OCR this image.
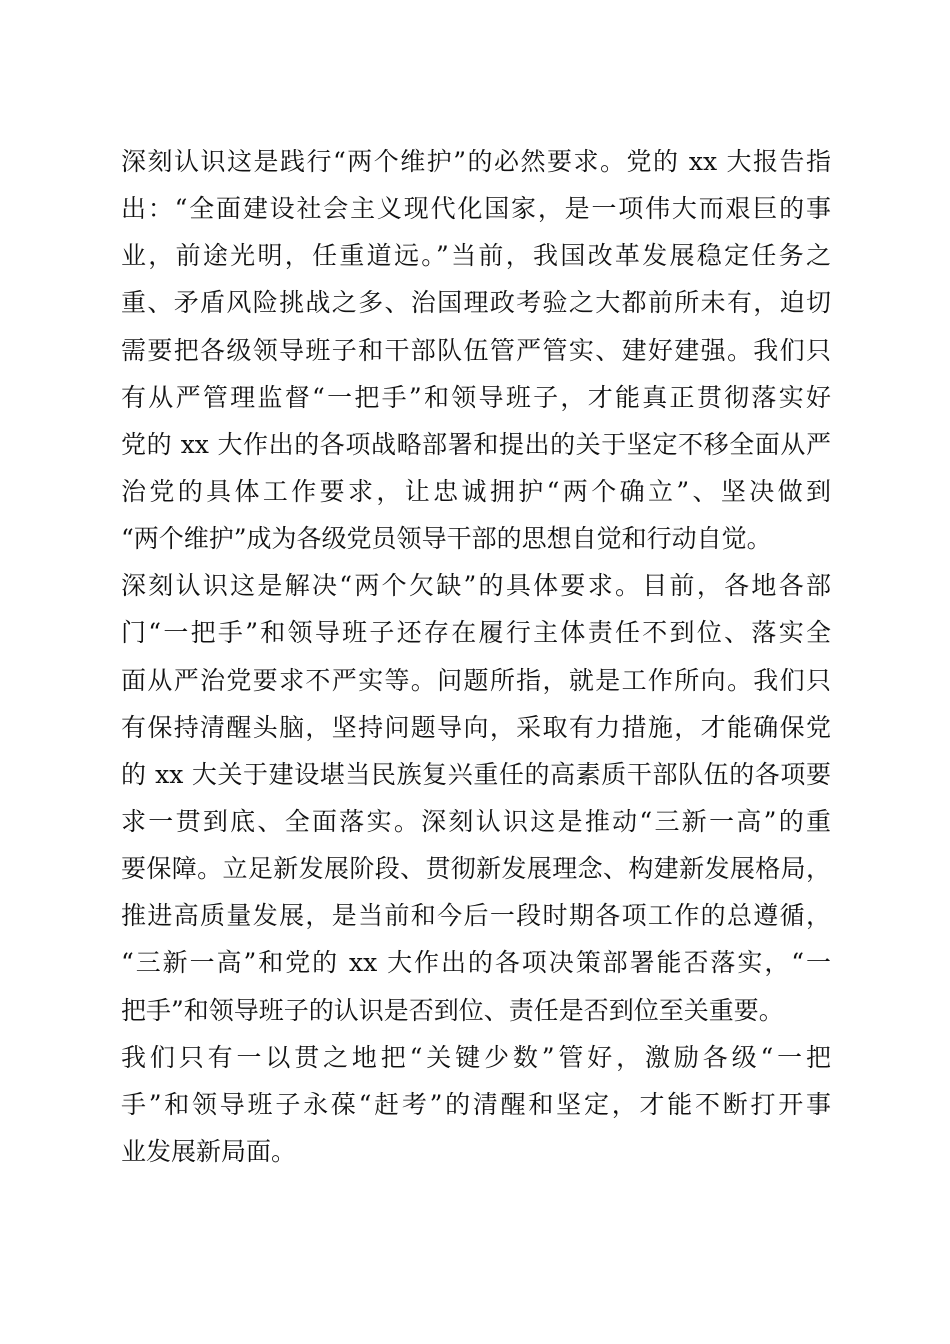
深刻认识这是践行“两个维护”的必然要求。党的 xx 大报告指
出：“全面建设社会主义现代化国家，是一项伟大而艰巨的事
业，前途光明，任重道远。”当前，我国改革发展稳定任务之
重、矛盾风险挑战之多、治国理政考验之大都前所未有，迫切
需要把各级领导班子和干部队伍管严管实、建好建强。我们只
有从严管理监督“一把手”和领导班子，才能真正贯彻落实好
党的 xx 大作出的各项战略部署和提出的关于坚定不移全面从严
治党的具体工作要求，让忠诚拥护“两个确立”、坚决做到
“两个维护”成为各级党员领导干部的思想自觉和行动自觉。
深刻认识这是解决“两个欠缺”的具体要求。目前，各地各部
门“一把手”和领导班子还存在履行主体责任不到位、落实全
面从严治党要求不严实等。问题所指，就是工作所向。我们只
有保持清醒头脑，坚持问题导向，采取有力措施，才能确保党
的 xx 大关于建设堪当民族复兴重任的高素质干部队伍的各项要
求一贯到底、全面落实。深刻认识这是推动“三新一高”的重
要保障。立足新发展阶段、贯彻新发展理念、构建新发展格局，
推进高质量发展，是当前和今后一段时期各项工作的总遵循，
“三新一高”和党的 xx 大作出的各项决策部署能否落实，“一
把手”和领导班子的认识是否到位、责任是否到位至关重要。
我们只有一以贯之地把“关键少数”管好，激励各级“一把
手”和领导班子永葆“赶考”的清醒和坚定，才能不断打开事
业发展新局面。
